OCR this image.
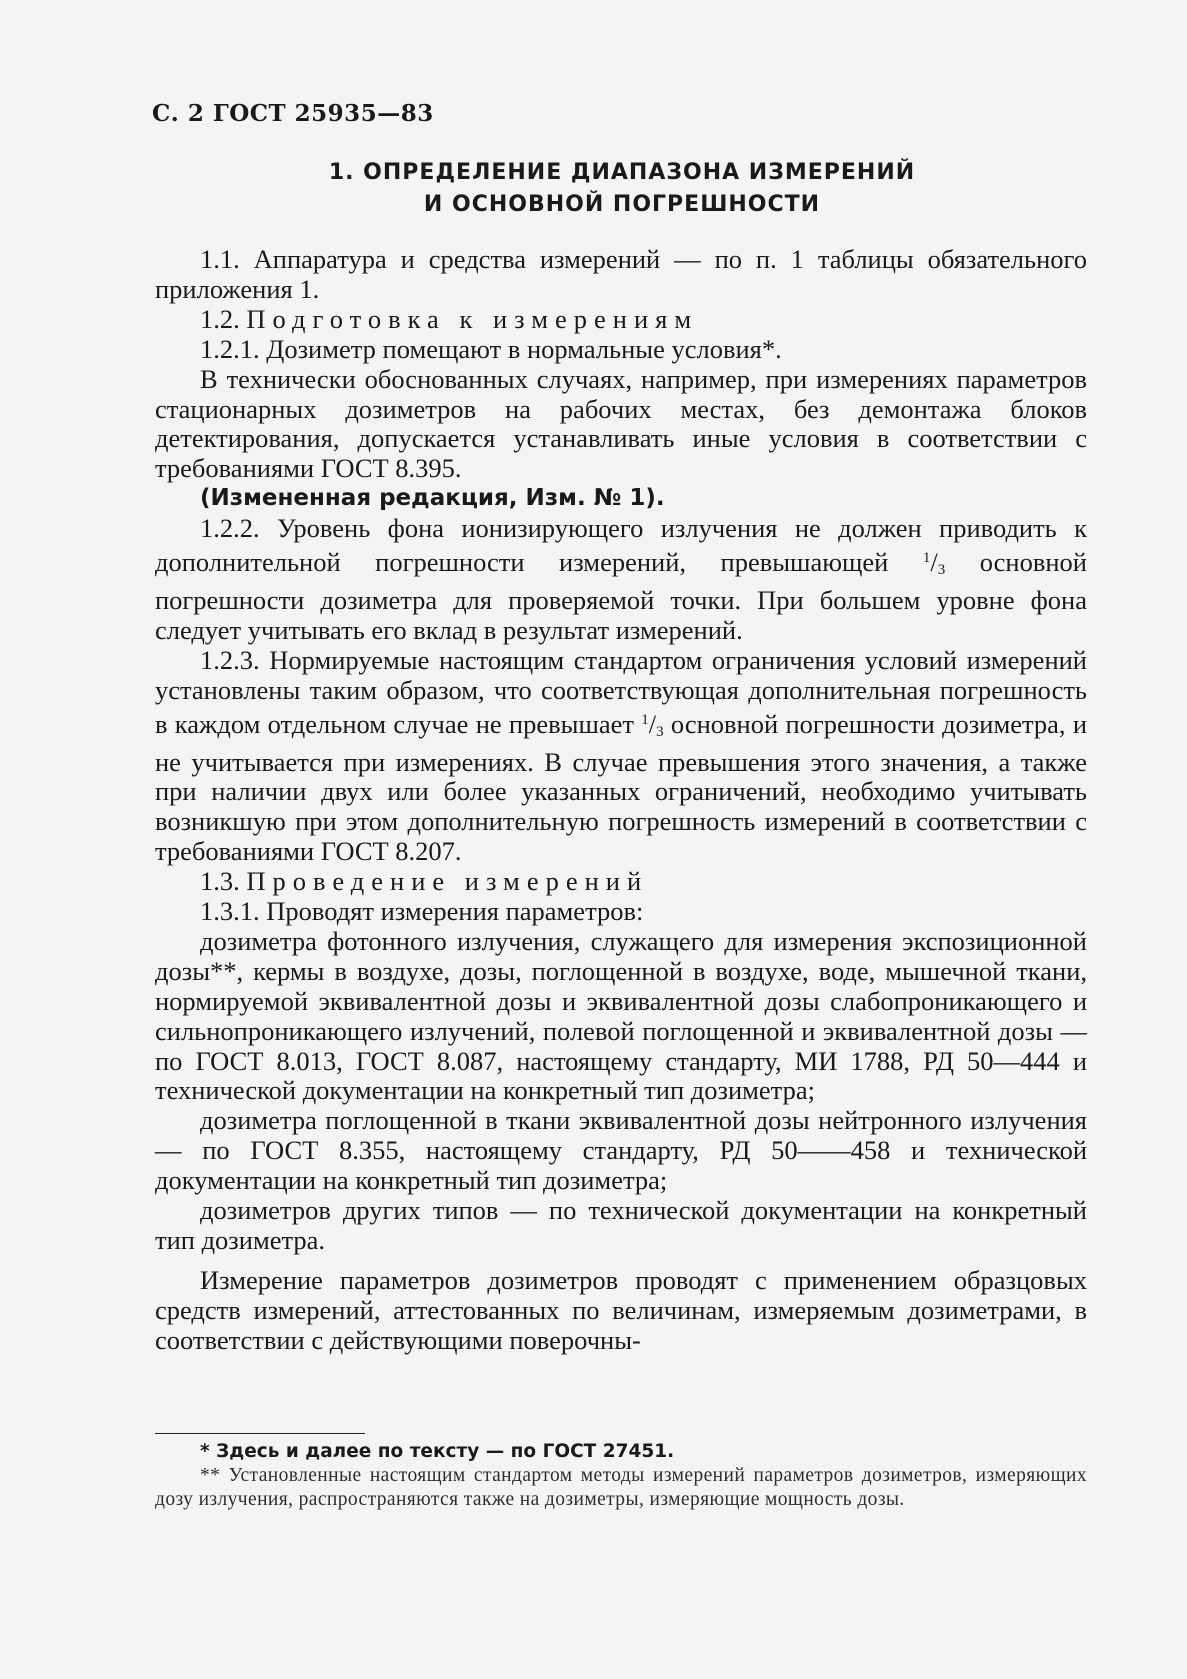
С. 2 ГОСТ 25935—83
1. ОПРЕДЕЛЕНИЕ ДИАПАЗОНА ИЗМЕРЕНИЙ
И ОСНОВНОЙ ПОГРЕШНОСТИ

1.1. Аппаратура и средства измерений — по п. 1 таблицы обязательного приложения 1.

1.2. Подготовка к измерениям

1.2.1. Дозиметр помещают в нормальные условия*.

В технически обоснованных случаях, например, при измерениях параметров стационарных дозиметров на рабочих местах, без демонтажа блоков детектирования, допускается устанавливать иные условия в соответствии с требованиями ГОСТ 8.395.

(Измененная редакция, Изм. № 1).

1.2.2. Уровень фона ионизирующего излучения не должен приводить к дополнительной погрешности измерений, превышающей $^1/_3$ основной погрешности дозиметра для проверяемой точки. При большем уровне фона следует учитывать его вклад в результат измерений.

1.2.3. Нормируемые настоящим стандартом ограничения условий измерений установлены таким образом, что соответствующая дополнительная погрешность в каждом отдельном случае не превышает $^1/_3$ основной погрешности дозиметра, и не учитывается при измерениях. В случае превышения этого значения, а также при наличии двух или более указанных ограничений, необходимо учитывать возникшую при этом дополнительную погрешность измерений в соответствии с требованиями ГОСТ 8.207.

1.3. Проведение измерений

1.3.1. Проводят измерения параметров:

дозиметра фотонного излучения, служащего для измерения экспозиционной дозы**, кермы в воздухе, дозы, поглощенной в воздухе, воде, мышечной ткани, нормируемой эквивалентной дозы и эквивалентной дозы слабопроникающего и сильнопроникающего излучений, полевой поглощенной и эквивалентной дозы — по ГОСТ 8.013, ГОСТ 8.087, настоящему стандарту, МИ 1788, РД 50—444 и технической документации на конкретный тип дозиметра;

дозиметра поглощенной в ткани эквивалентной дозы нейтронного излучения — по ГОСТ 8.355, настоящему стандарту, РД 50——458 и технической документации на конкретный тип дозиметра;

дозиметров других типов — по технической документации на конкретный тип дозиметра.

Измерение параметров дозиметров проводят с применением образцовых средств измерений, аттестованных по величинам, измеряемым дозиметрами, в соответствии с действующими поверочны-

* Здесь и далее по тексту — по ГОСТ 27451.

** Установленные настоящим стандартом методы измерений параметров дозиметров, измеряющих дозу излучения, распространяются также на дозиметры, измеряющие мощность дозы.
